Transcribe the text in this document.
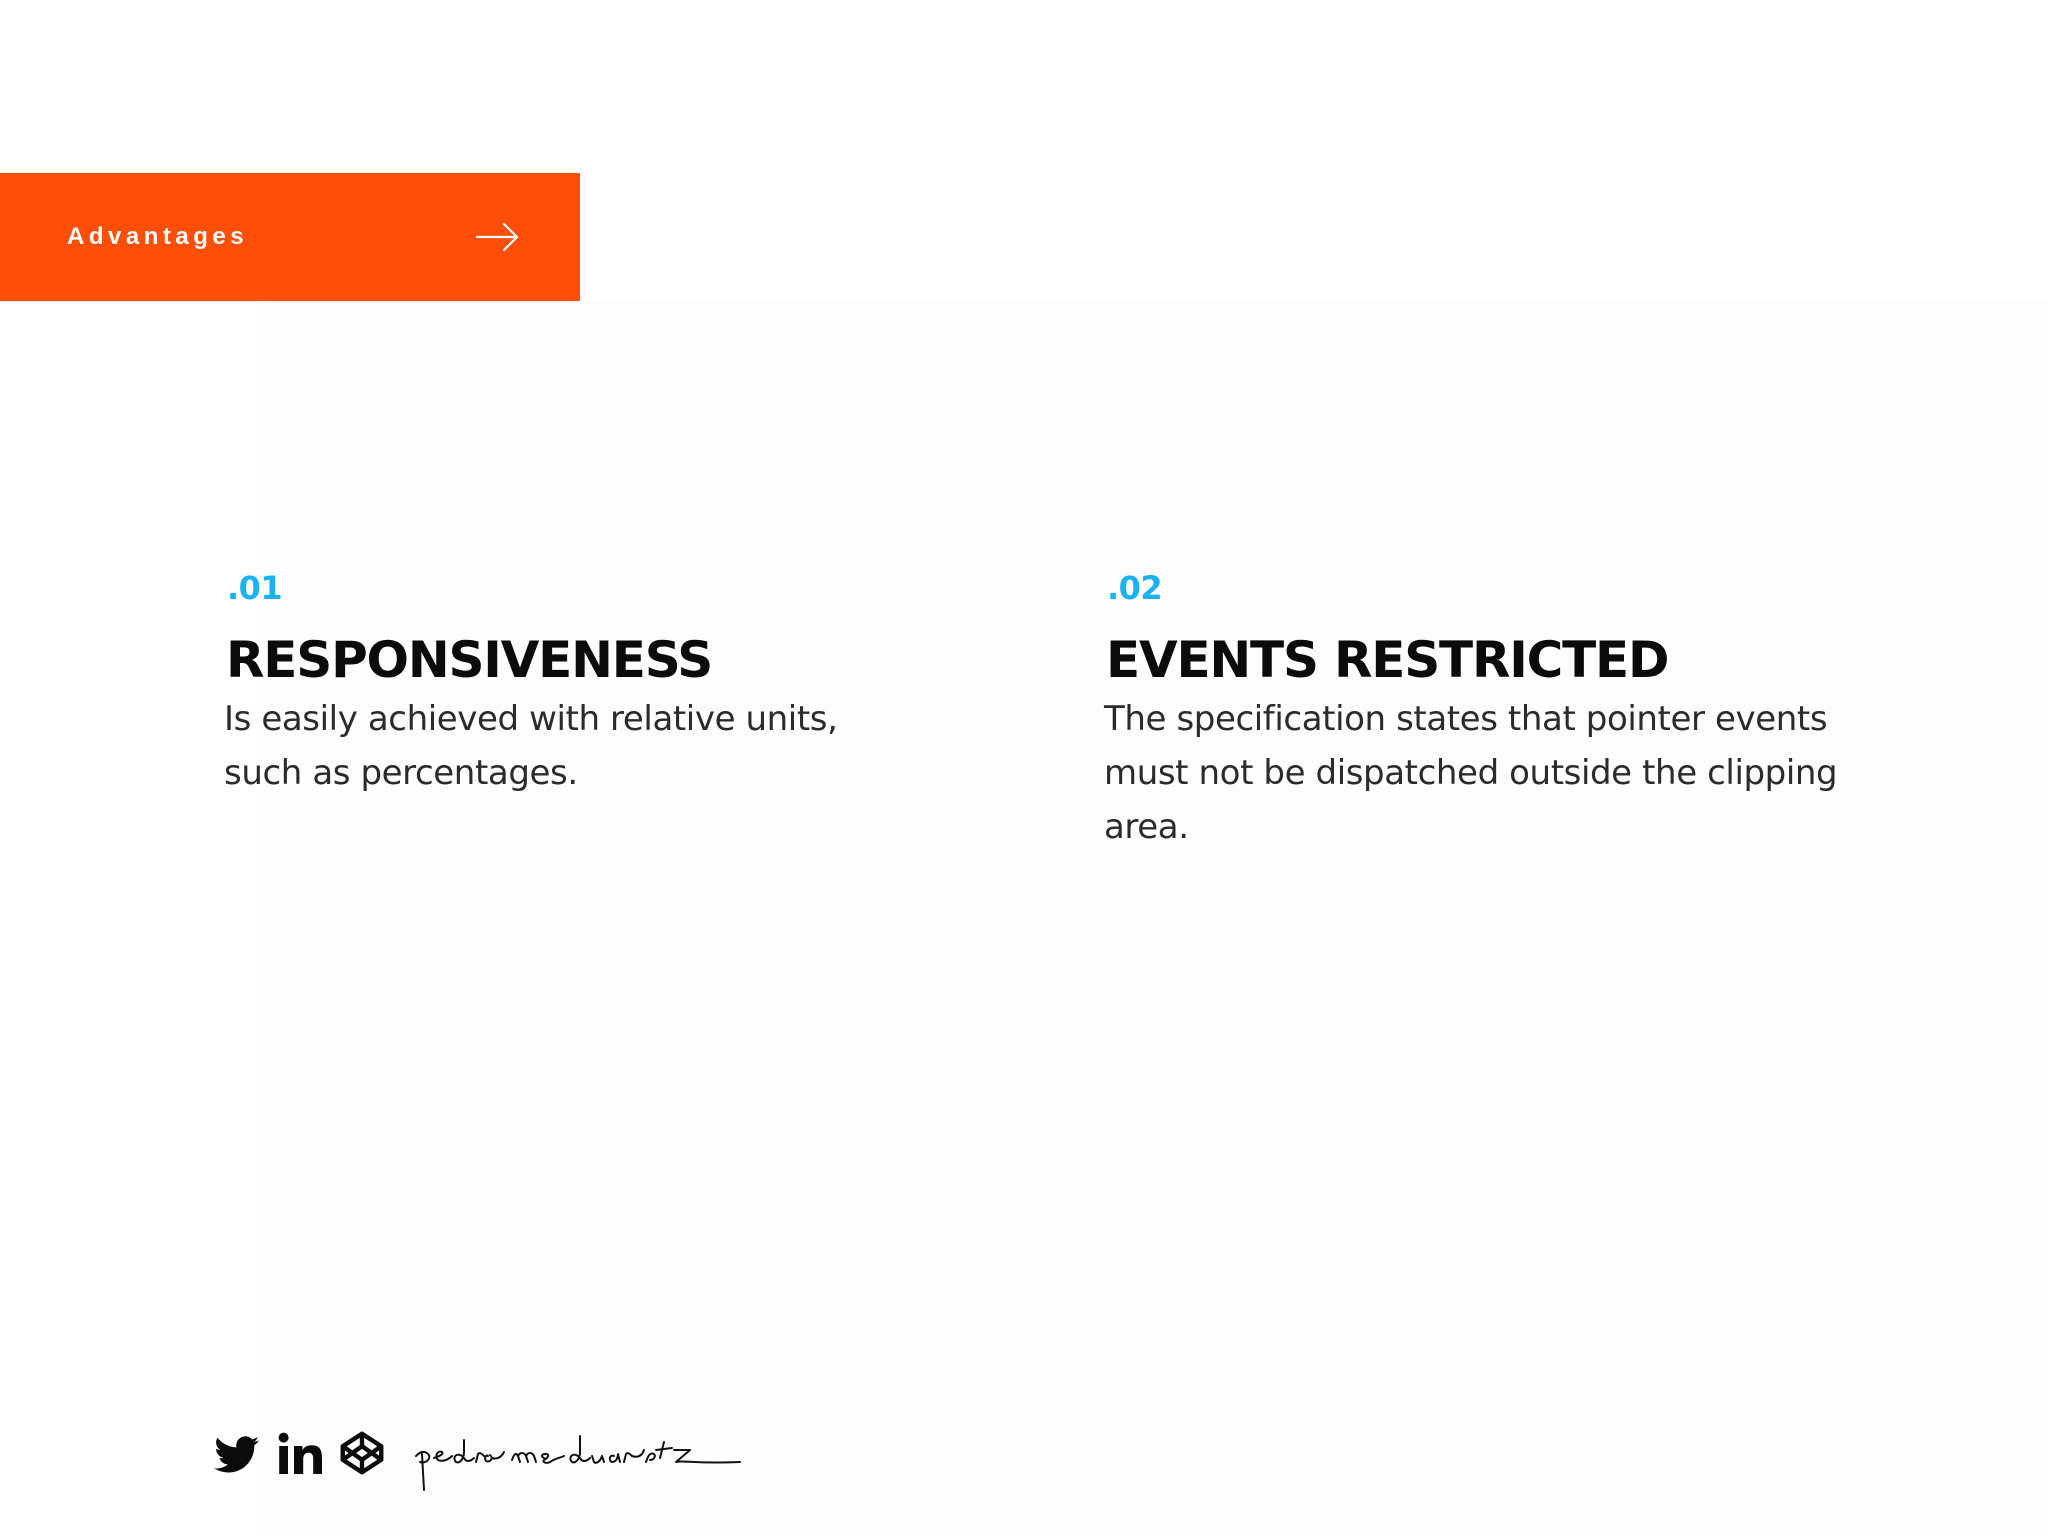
Advantages
.01
RESPONSIVENESS
Is easily achieved with relative units, such as percentages.
.02
EVENTS RESTRICTED
The specification states that pointer events must not be dispatched outside the clipping area.
